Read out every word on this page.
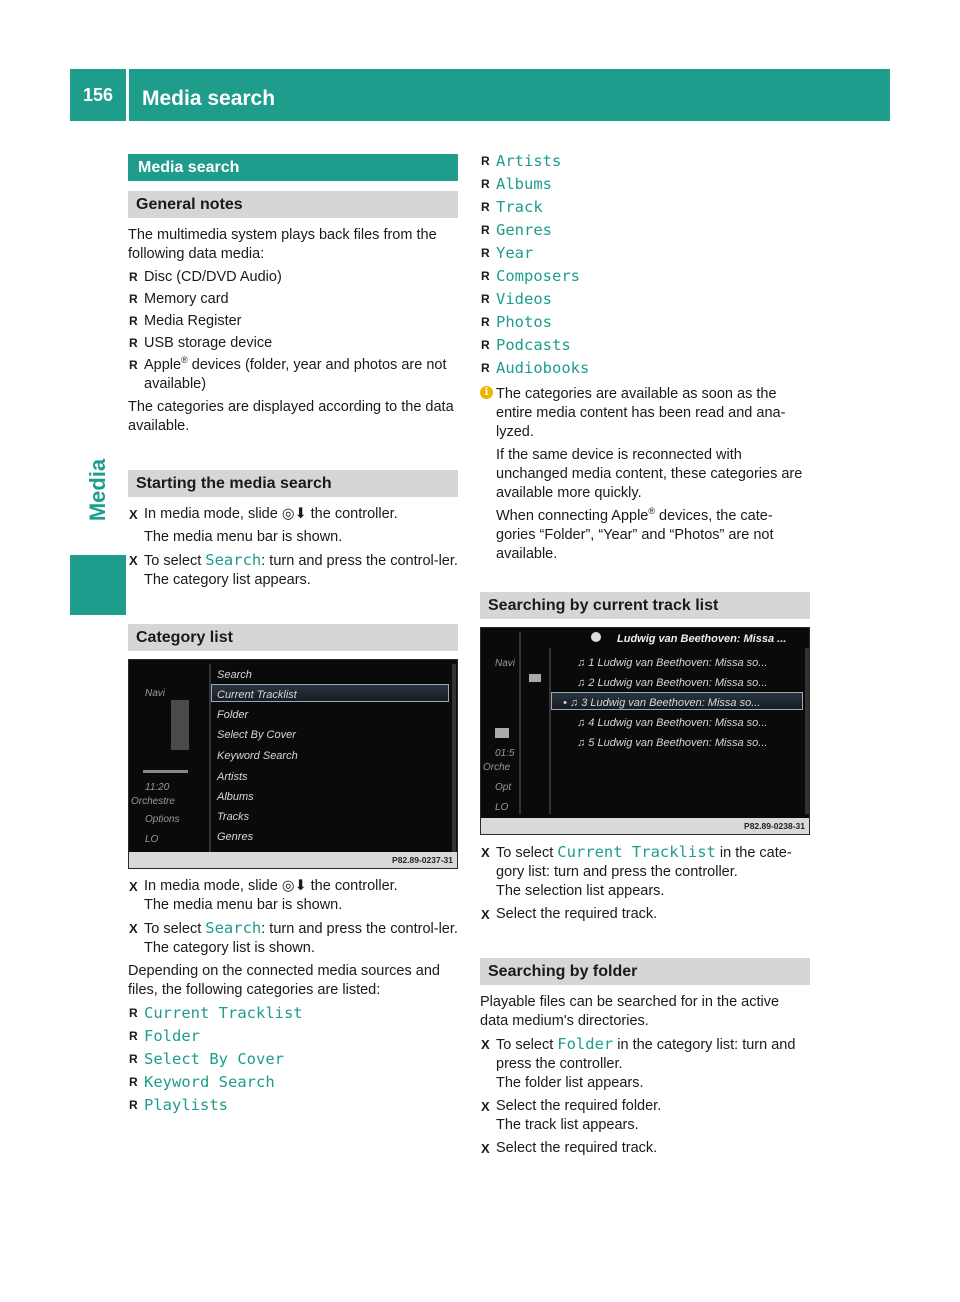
156	Media search
Media
Media search
General notes

The multimedia system plays back files from the following data media:

R Disc (CD/DVD Audio)
R Memory card
R Media Register
R USB storage device
R Apple® devices (folder, year and photos are not available)

The categories are displayed according to the data available.

Starting the media search
X In media mode, slide ◎⬇ the controller.
The media menu bar is shown.
X To select Search: turn and press the control-ler.
The category list appears.
Category list
Navi
11:20
Orchestre
Options
LO
Search
Current Tracklist
Folder
Select By Cover
Keyword Search
Artists
Albums
Tracks
Genres
P82.89-0237-31
X In media mode, slide ◎⬇ the controller.
The media menu bar is shown.
X To select Search: turn and press the control-ler.
The category list is shown.

Depending on the connected media sources and files, the following categories are listed:

R Current Tracklist
R Folder
R Select By Cover
R Keyword Search
R Playlists
R Artists
R Albums
R Track
R Genres
R Year
R Composers
R Videos
R Photos
R Podcasts
R Audiobooks
i The categories are available as soon as the entire media content has been read and ana-lyzed.

If the same device is reconnected with unchanged media content, these categories are available more quickly.

When connecting Apple® devices, the cate-gories “Folder”, “Year” and “Photos” are not available.

Searching by current track list
Ludwig van Beethoven: Missa ...
Navi
01:5
Orche
Opt
LO
♫ 1 Ludwig van Beethoven: Missa so...
♫ 2 Ludwig van Beethoven: Missa so...
• ♫ 3 Ludwig van Beethoven: Missa so...
♫ 4 Ludwig van Beethoven: Missa so...
♫ 5 Ludwig van Beethoven: Missa so...
P82.89-0238-31
X To select Current Tracklist in the cate-gory list: turn and press the controller.
The selection list appears.
X Select the required track.
Searching by folder

Playable files can be searched for in the active data medium's directories.

X To select Folder in the category list: turn and press the controller.
The folder list appears.
X Select the required folder.
The track list appears.
X Select the required track.
